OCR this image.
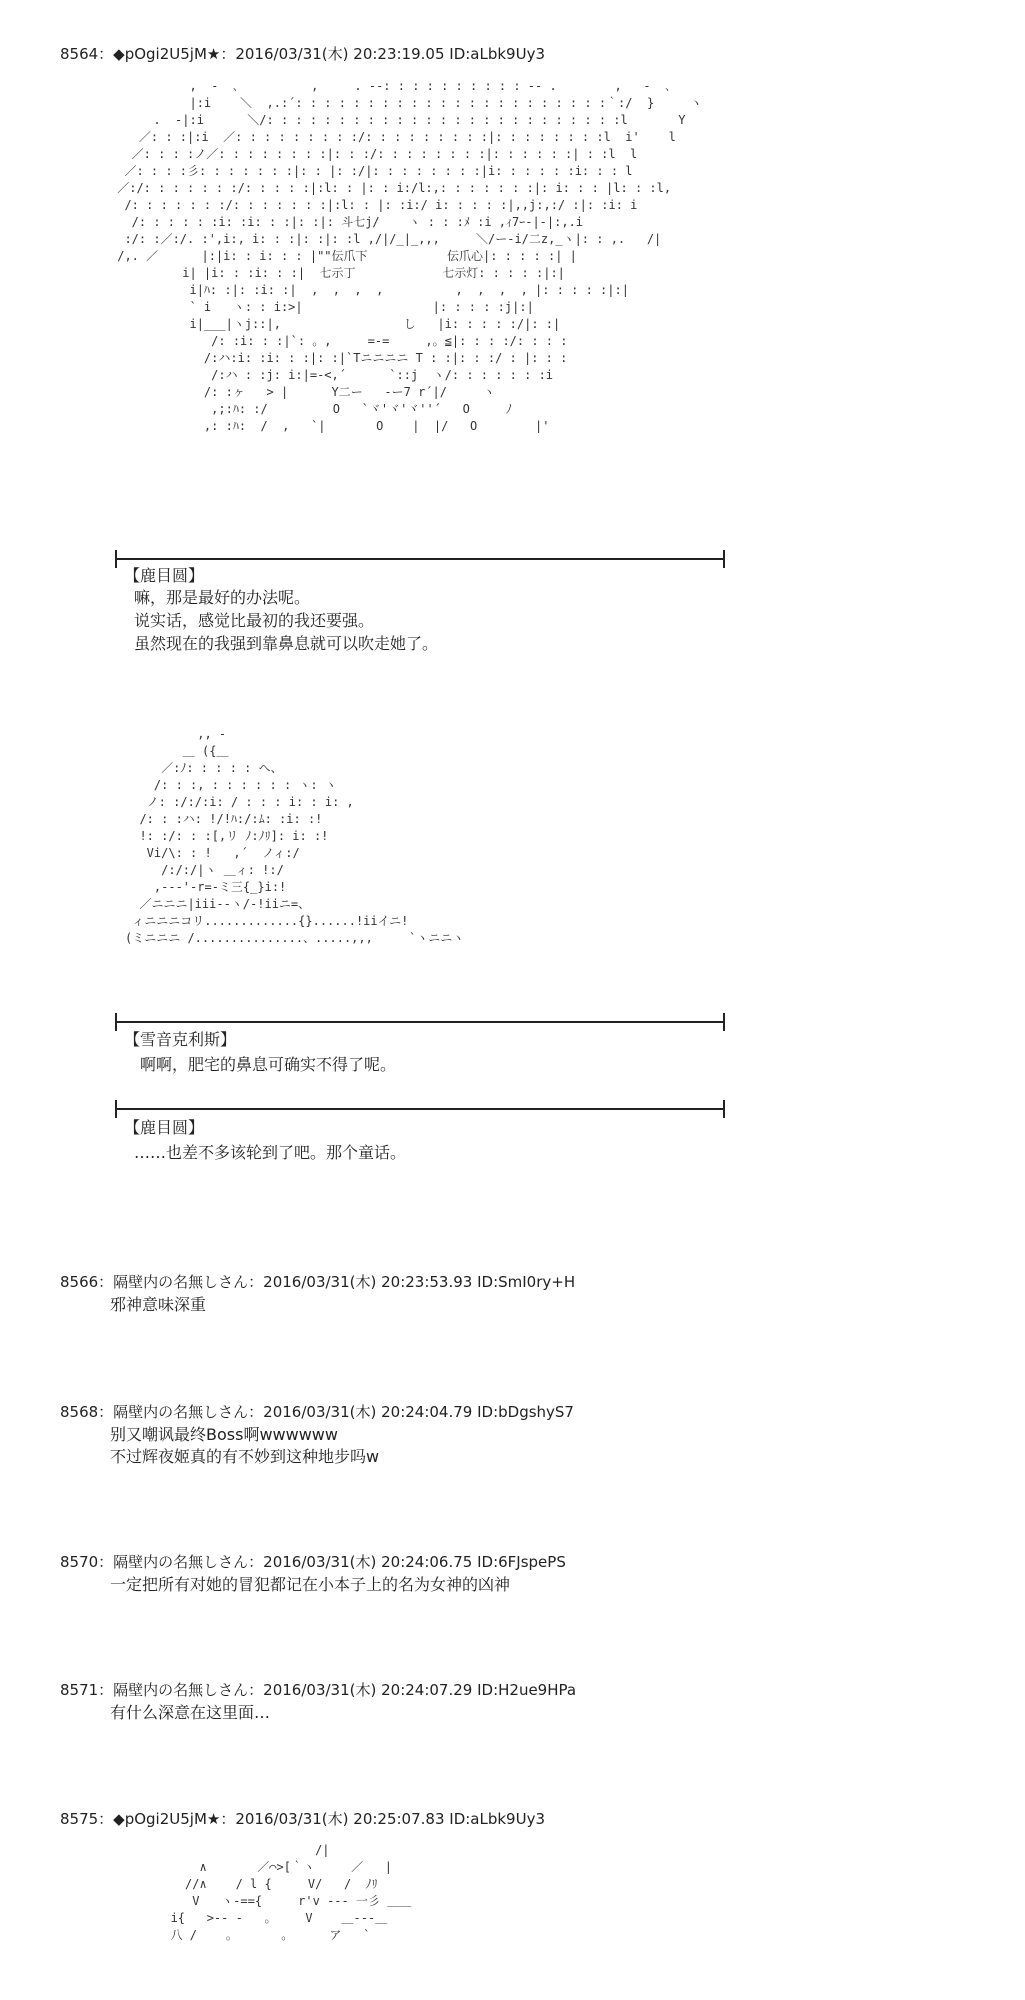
8564：◆pOgi2U5jM★：2016/03/31(木) 20:23:19.05 ID:aLbk9Uy3
,  -  ､          ,     . -‐: : : : : : : : : : ‐- .        ,   -  ､
|:i    ＼  ,.:´: : : : : : : : : : : : : : : : : : : : : :｀:/  }     ヽ
.  -|:i      ＼/: : : : : : : : : : : : : : : : : : : : : : : : :l       Y
／: : :|:i  ／: : : : : : : : :/: : : : : : : : :|: : : : : : : :l  i'    l
／: : : :ノ／: : : : : : : :|: : :/: : : : : : : :|: : : : : :| : :l  l
／: : : :彡: : : : : : :|: : |: :/|: : : : : : : :|i: : : : : :i: : : l
／:/: : : : : : :/: : : : :|:l: : |: : i:/l:,: : : : : : :|: i: : : |l: : :l,
/: : : : : : :/: : : : : : :|:l: : |: :i:/ i: : : : :|,,j:,:/ :|: :i: i
/: : : : : :i: :i: : :|: :|: 斗七j/    ヽ : : :ﾒ :i ,ｨ7ｰ‐|-|:,.i
:/: :／:/. :',i:, i: : :|: :|: :l ,/|/_|_,,,     ＼/ー-i/二z,_ヽ|: : ,.   /|
/,. ／      |:|i: : i: : : |""伝爪下           伝爪心|: : : : :| |
i| |i: : :i: : :|  七示丁            七示灯: : : : :|:|
i|ﾊ: :|: :i: :|  ,  ,  ,  ,          ,  ,  ,  , |: : : : :|:|
` i   ヽ: : i:>|                  |: : : : :j|:|
i|___|ヽj::|,                 し   |i: : : : :/|: :|
/: :i: : :|`: 。,     =‐=     ,。≦|: : : :/: : : :
/:ハ:i: :i: : :|: :|`Tニニニニ T : :|: : :/ : |: : :
/:ハ : :j: i:|=‐<,´      `::j  ヽ/: : : : : : :i
/: :ヶ   > |      Y二ー   ‐ー7 r´|/     ヽ
,;:ﾊ: :/         O   `ヾ'ヾ'ヾ''´   O     ﾉ
,: :ﾊ:  /  ,   `|       O    |  |/   O        |'
【鹿目圆】
嘛，那是最好的办法呢。
说实话，感觉比最初的我还要强。
虽然现在的我强到靠鼻息就可以吹走她了。
,, -
＿ ({＿
／:ﾉ: : : : : へ、
/: : :, : : : : : : ヽ: ヽ
ノ: :/:/:i: / : : : i: : i: ,
/: : :ハ: !/!ﾊ:/:ﾑ: :i: :!
!: :/: : :[,リ ﾉ:ﾉﾘ]: i: :!
Vi/\: : !   ,´  ノィ:/
/:/:/|ヽ ＿ィ: !:/
,-‐‐'‐r=‐ミ三{_}i:!
／ニニニ|iii‐‐ヽ/‐!iiニ=、
ィニニニコリ.............{}......!iiイニ!
(ミニニニ /...............、.....,,,     `ヽニニヽ
【雪音克利斯】
啊啊，肥宅的鼻息可确实不得了呢。
【鹿目圆】
……也差不多该轮到了吧。那个童话。
8566：隔壁内の名無しさん：2016/03/31(木) 20:23:53.93 ID:SmI0ry+H
邪神意味深重
8568：隔壁内の名無しさん：2016/03/31(木) 20:24:04.79 ID:bDgshyS7
别又嘲讽最终Boss啊wwwwww
不过辉夜姬真的有不妙到这种地步吗w
8570：隔壁内の名無しさん：2016/03/31(木) 20:24:06.75 ID:6FJspePS
一定把所有对她的冒犯都记在小本子上的名为女神的凶神
8571：隔壁内の名無しさん：2016/03/31(木) 20:24:07.29 ID:H2ue9HPa
有什么深意在这里面…
8575：◆pOgi2U5jM★：2016/03/31(木) 20:25:07.83 ID:aLbk9Uy3
/|
∧       ／⌒>[｀ヽ     ／   |
//∧    / l {     V/   /  ﾉﾘ
V   ヽ-=={     r'v ‐-‐ 一彡 ＿＿
i{   >-‐ ‐   。    V    ＿‐‐‐＿
八 /    。      。     ア   `
